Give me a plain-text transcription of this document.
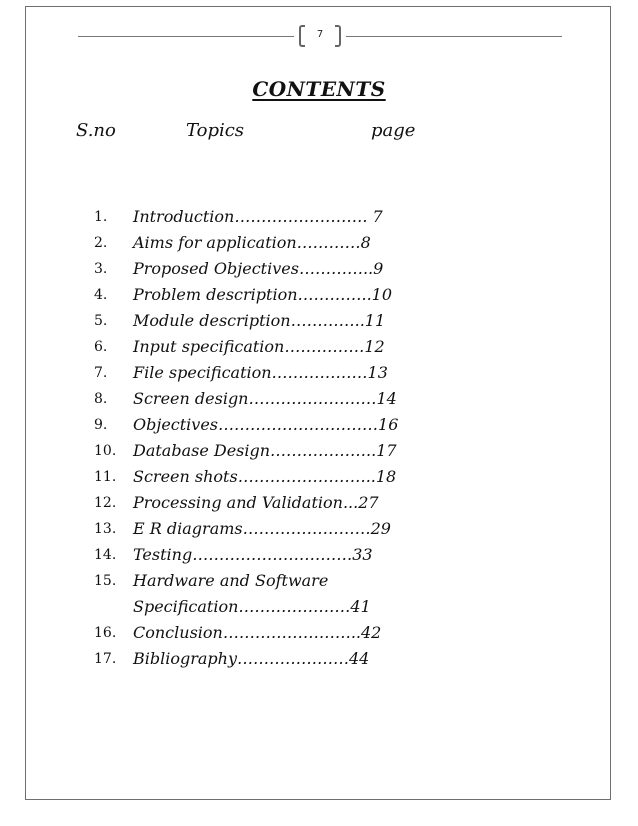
7
CONTENTS
S.no	Topics	page
1. Introduction……………………. 7
2. Aims for application…………8
3. Proposed Objectives…………..9
4. Problem description…………..10
5. Module description…………..11
6. Input specification……………12
7. File specification………………13
8. Screen design……………………14
9. Objectives…………………………16
10. Database Design………………..17
11. Screen shots……………………..18
12. Processing and Validation...27
13. E R diagrams……………………29
14. Testing…………………………33
15. Hardware and Software
Specification…………………41
16. Conclusion……………………..42
17. Bibliography…………………44
